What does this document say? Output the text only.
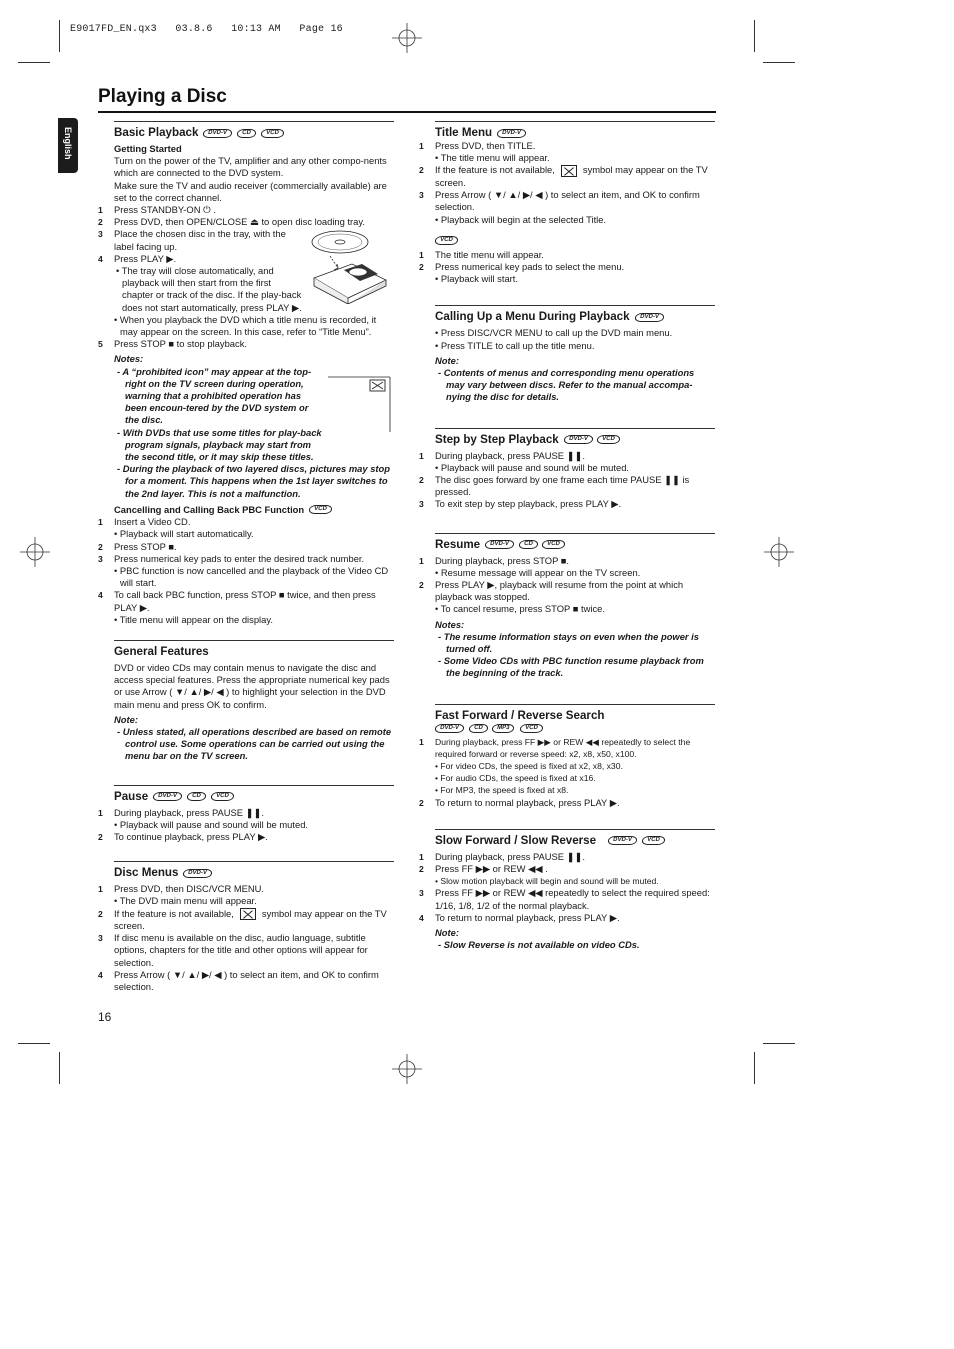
E9017FD_EN.qx3   03.8.6   10:13 AM   Page 16
Playing a Disc
English	Basic Playback	DVD-V	CD	VCD
Getting Started

Turn on the power of the TV, amplifier and any other compo-nents which are connected to the DVD system.

Make sure the TV and audio receiver (commercially available) are set to the correct channel.

1	Press STANDBY-ON ⏻ .
2	Press DVD, then OPEN/CLOSE ⏏ to open disc loading tray.
3	Place the chosen disc in the tray, with the label facing up.
4	Press PLAY ▶.
• The tray will close automatically, and playback will then start from the first chapter or track of the disc. If the play-back does not start automatically, press PLAY ▶.
• When you playback the DVD which a title menu is recorded, it may appear on the screen. In this case, refer to “Title Menu”.
5	Press STOP ■ to stop playback.
Notes:
- A “prohibited icon” may appear at the top-right on the TV screen during operation, warning that a prohibited operation has been encoun-tered by the DVD system or the disc.
- With DVDs that use some titles for play-back program signals, playback may start from the second title, or it may skip these titles.
- During the playback of two layered discs, pictures may stop for a moment. This happens when the 1st layer switches to the 2nd layer. This is not a malfunction.
Cancelling and Calling Back PBC Function	VCD
1	Insert a Video CD.
• Playback will start automatically.
2	Press STOP ■.
3	Press numerical key pads to enter the desired track number.
• PBC function is now cancelled and the playback of the Video CD will start.
4	To call back PBC function, press STOP ■ twice, and then press PLAY ▶.
• Title menu will appear on the display.
General Features

DVD or video CDs may contain menus to navigate the disc and access special features. Press the appropriate numerical key pads or use Arrow ( ▼/ ▲/ ▶/ ◀ ) to highlight your selection in the DVD main menu and press OK to confirm.

Note:
- Unless stated, all operations described are based on remote control use. Some operations can be carried out using the menu bar on the TV screen.
Pause	DVD-V	CD	VCD
1	During playback, press PAUSE ❚❚.
• Playback will pause and sound will be muted.
2	To continue playback, press PLAY ▶.
Disc Menus	DVD-V
1	Press DVD, then DISC/VCR MENU.
• The DVD main menu will appear.
2	If the feature is not available,	symbol may appear on the TV screen.
3	If disc menu is available on the disc, audio language, subtitle options, chapters for the title and other options will appear for selection.
4	Press Arrow ( ▼/ ▲/ ▶/ ◀ ) to select an item, and OK to confirm selection.
16
Title Menu	DVD-V
1	Press DVD, then TITLE.
• The title menu will appear.
2	If the feature is not available,	symbol may appear on the TV screen.
3	Press Arrow ( ▼/ ▲/ ▶/ ◀ ) to select an item, and OK to confirm selection.
• Playback will begin at the selected Title.
VCD
1	The title menu will appear.
2	Press numerical key pads to select the menu.
• Playback will start.
Calling Up a Menu During Playback	DVD-V
• Press DISC/VCR MENU to call up the DVD main menu.
• Press TITLE to call up the title menu.
Note:
- Contents of menus and corresponding menu operations may vary between discs. Refer to the manual accompa-nying the disc for details.
Step by Step Playback	DVD-V	VCD
1	During playback, press PAUSE ❚❚.
• Playback will pause and sound will be muted.
2	The disc goes forward by one frame each time PAUSE ❚❚ is pressed.
3	To exit step by step playback, press PLAY ▶.
Resume	DVD-V	CD	VCD
1	During playback, press STOP ■.
• Resume message will appear on the TV screen.
2	Press PLAY ▶, playback will resume from the point at which playback was stopped.
• To cancel resume, press STOP ■ twice.
Notes:
- The resume information stays on even when the power is turned off.
- Some Video CDs with PBC function resume playback from the beginning of the track.
Fast Forward / Reverse Search
DVD-V	CD	MP3	VCD
1	During playback, press FF ▶▶ or REW ◀◀ repeatedly to select the required forward or reverse speed: x2, x8, x50, x100.
• For video CDs, the speed is fixed at x2, x8, x30.
• For audio CDs, the speed is fixed at x16.
• For MP3, the speed is fixed at x8.
2	To return to normal playback, press PLAY ▶.
Slow Forward / Slow Reverse	DVD-V	VCD
1	During playback, press PAUSE ❚❚.
2	Press FF ▶▶ or REW ◀◀ .
• Slow motion playback will begin and sound will be muted.
3	Press FF ▶▶ or REW ◀◀ repeatedly to select the required speed: 1/16, 1/8, 1/2 of the normal playback.
4	To return to normal playback, press PLAY ▶.
Note:
- Slow Reverse is not available on video CDs.
